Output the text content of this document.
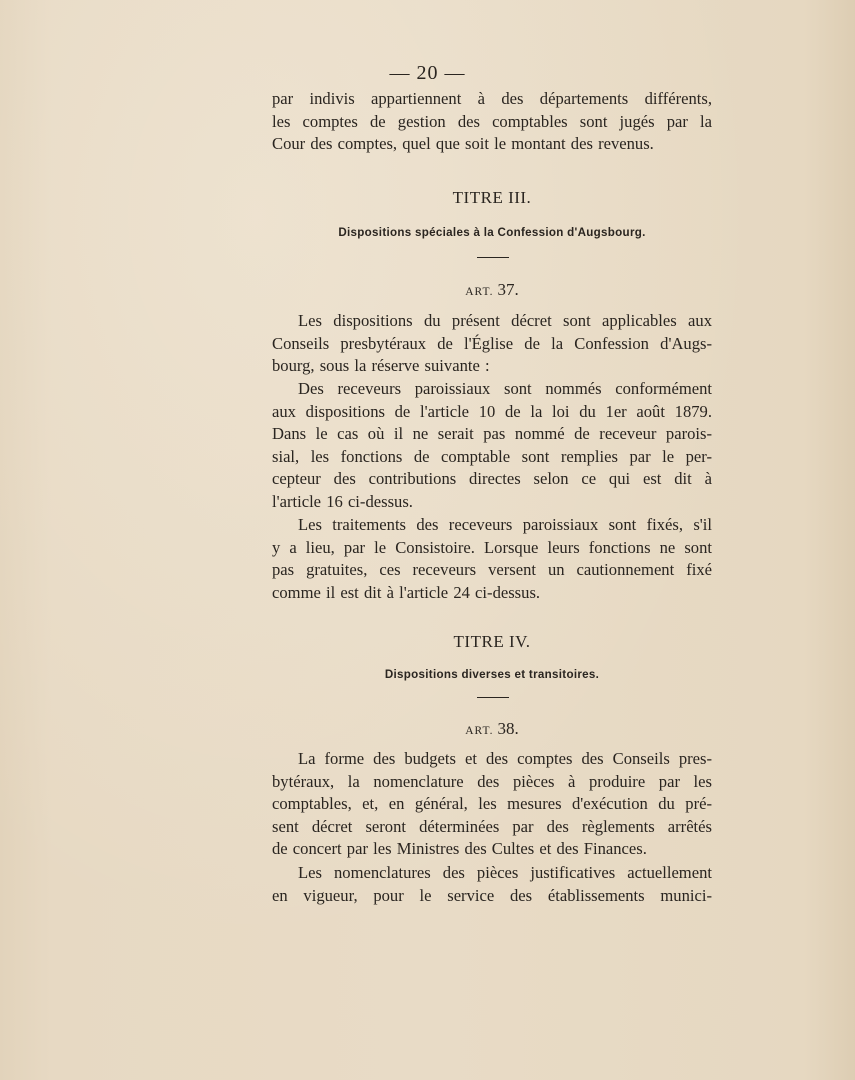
— 20 —
par indivis appartiennent à des départements différents,
les comptes de gestion des comptables sont jugés par la
Cour des comptes, quel que soit le montant des revenus.
TITRE III.
Dispositions spéciales à la Confession d'Augsbourg.
ART. 37.
Les dispositions du présent décret sont applicables aux
Conseils presbytéraux de l'Église de la Confession d'Augs-
bourg, sous la réserve suivante :
Des receveurs paroissiaux sont nommés conformément
aux dispositions de l'article 10 de la loi du 1er août 1879.
Dans le cas où il ne serait pas nommé de receveur parois-
sial, les fonctions de comptable sont remplies par le per-
cepteur des contributions directes selon ce qui est dit à
l'article 16 ci-dessus.
Les traitements des receveurs paroissiaux sont fixés, s'il
y a lieu, par le Consistoire. Lorsque leurs fonctions ne sont
pas gratuites, ces receveurs versent un cautionnement fixé
comme il est dit à l'article 24 ci-dessus.
TITRE IV.
Dispositions diverses et transitoires.
ART. 38.
La forme des budgets et des comptes des Conseils pres-
bytéraux, la nomenclature des pièces à produire par les
comptables, et, en général, les mesures d'exécution du pré-
sent décret seront déterminées par des règlements arrêtés
de concert par les Ministres des Cultes et des Finances.
Les nomenclatures des pièces justificatives actuellement
en vigueur, pour le service des établissements munici-
